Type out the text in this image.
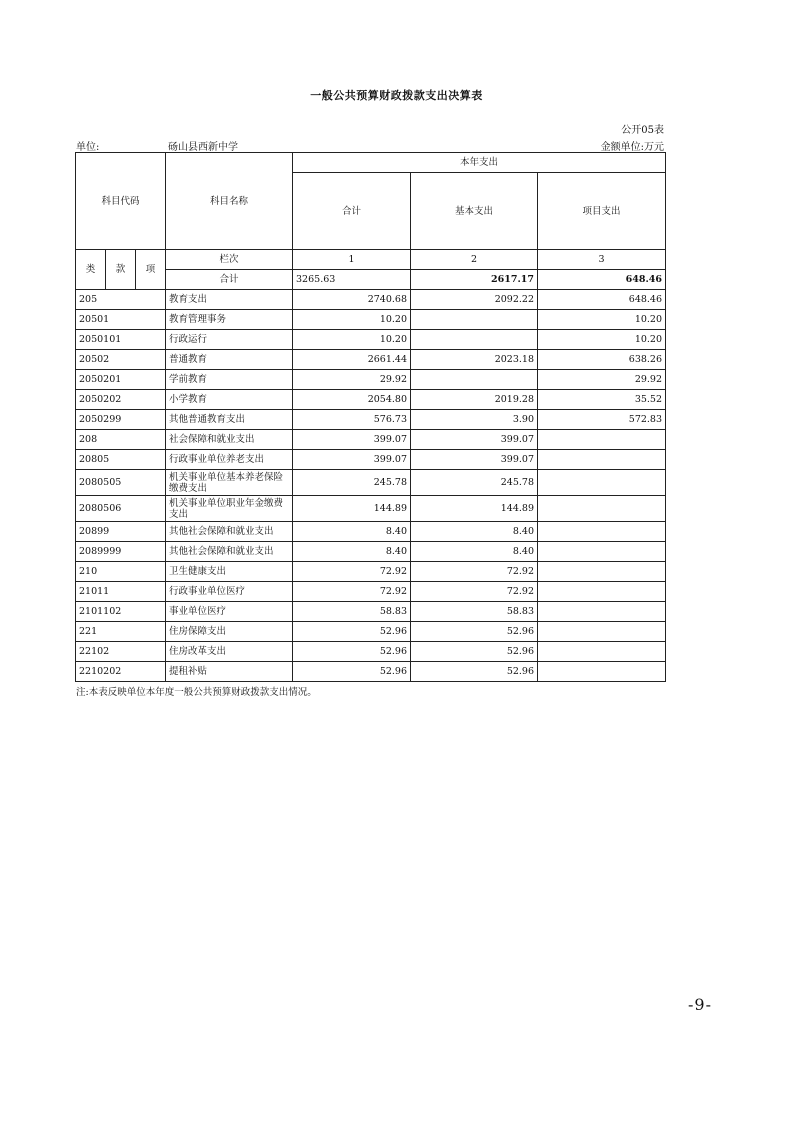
一般公共预算财政拨款支出决算表
公开05表
单位:	砀山县西新中学	金额单位:万元
科目代码			科目名称	本年支出		
				合计	基本支出	项目支出
类	款	项	栏次	1	2	3
			合计	3265.63	2617.17	648.46
205			教育支出	2740.68	2092.22	648.46
20501			教育管理事务	10.20		10.20
2050101			行政运行	10.20		10.20
20502			普通教育	2661.44	2023.18	638.26
2050201			学前教育	29.92		29.92
2050202			小学教育	2054.80	2019.28	35.52
2050299			其他普通教育支出	576.73	3.90	572.83
208			社会保障和就业支出	399.07	399.07	
20805			行政事业单位养老支出	399.07	399.07	
2080505			机关事业单位基本养老保险缴费支出	245.78	245.78	
2080506			机关事业单位职业年金缴费支出	144.89	144.89	
20899			其他社会保障和就业支出	8.40	8.40	
2089999			其他社会保障和就业支出	8.40	8.40	
210			卫生健康支出	72.92	72.92	
21011			行政事业单位医疗	72.92	72.92	
2101102			事业单位医疗	58.83	58.83	
221			住房保障支出	52.96	52.96	
22102			住房改革支出	52.96	52.96	
2210202			提租补贴	52.96	52.96	
注:本表反映单位本年度一般公共预算财政拨款支出情况。
-9-
